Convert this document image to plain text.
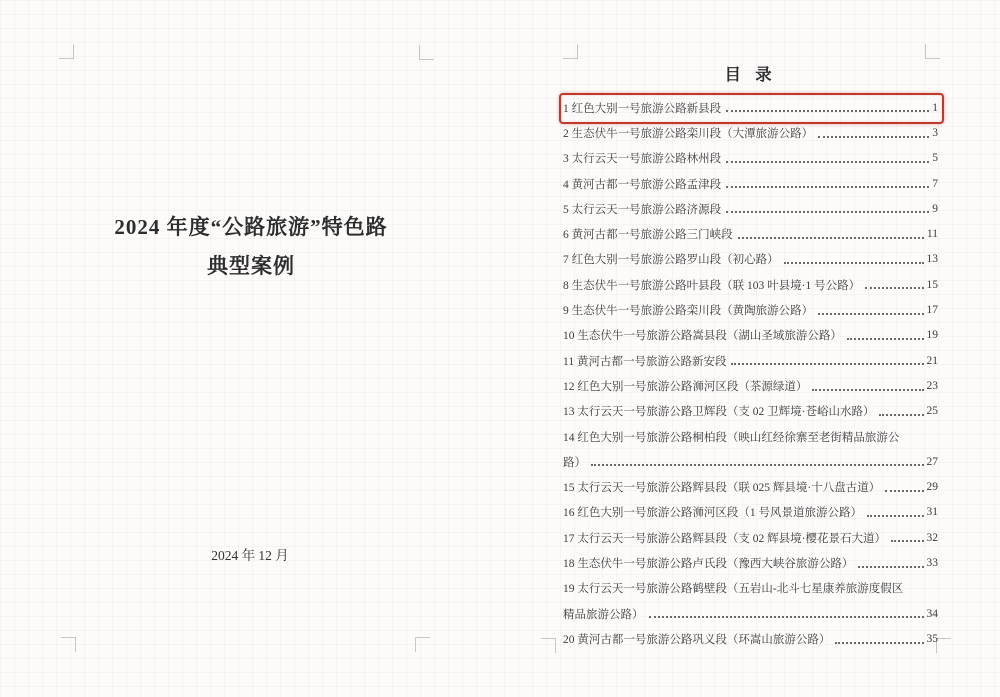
2024 年度“公路旅游”特色路
典型案例
2024 年 12 月
目 录
1 红色大别一号旅游公路新县段	1
2 生态伏牛一号旅游公路栾川段（大潭旅游公路）	3
3 太行云天一号旅游公路林州段	5
4 黄河古都一号旅游公路孟津段	7
5 太行云天一号旅游公路济源段	9
6 黄河古都一号旅游公路三门峡段	11
7 红色大别一号旅游公路罗山段（初心路）	13
8 生态伏牛一号旅游公路叶县段（联 103 叶县境·1 号公路）	15
9 生态伏牛一号旅游公路栾川段（黄陶旅游公路）	17
10 生态伏牛一号旅游公路嵩县段（湖山圣域旅游公路）	19
11 黄河古都一号旅游公路新安段	21
12 红色大别一号旅游公路浉河区段（茶源绿道）	23
13 太行云天一号旅游公路卫辉段（支 02 卫辉境·苍峪山水路）	25
14 红色大别一号旅游公路桐柏段（映山红经徐寨至老街精品旅游公
路）	27
15 太行云天一号旅游公路辉县段（联 025 辉县境·十八盘古道）	29
16 红色大别一号旅游公路浉河区段（1 号风景道旅游公路）	31
17 太行云天一号旅游公路辉县段（支 02 辉县境·樱花景石大道）	32
18 生态伏牛一号旅游公路卢氏段（豫西大峡谷旅游公路）	33
19 太行云天一号旅游公路鹤壁段（五岩山-北斗七星康养旅游度假区
精品旅游公路）	34
20 黄河古都一号旅游公路巩义段（环嵩山旅游公路）	35
